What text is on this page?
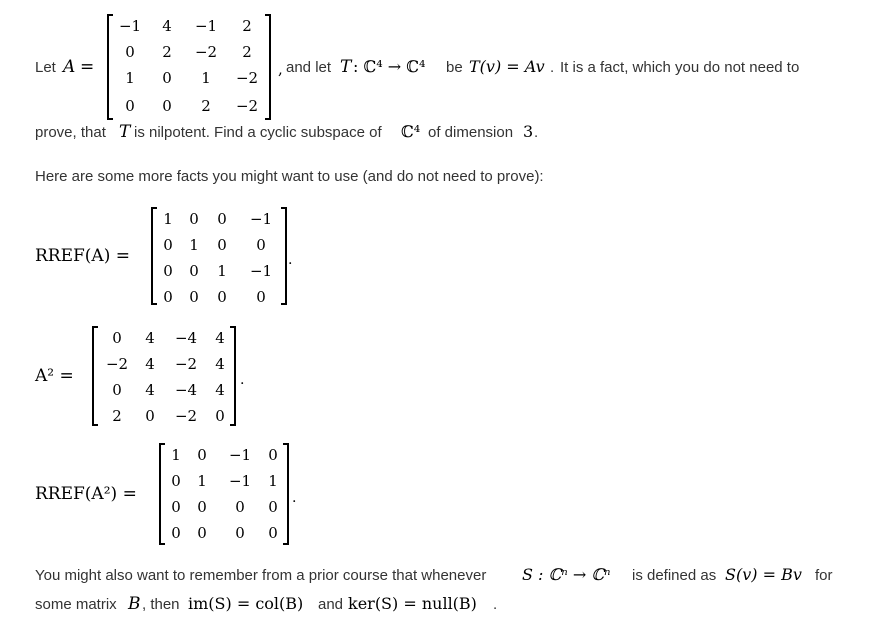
Let A =
−1	4	−1	2
0	2	−2	2
1	0	1	−2
0	0	2	−2
, and let T : ℂ⁴ → ℂ⁴ be T(v) = Av . It is a fact, which you do not need to
prove, that T is nilpotent. Find a cyclic subspace of ℂ⁴ of dimension 3 .
Here are some more facts you might want to use (and do not need to prove):
RREF(A) =
1	0	0	−1
0	1	0	0
0	0	1	−1
0	0	0	0
.
A² =
0	4	−4	4
−2	4	−2	4
0	4	−4	4
2	0	−2	0
.
RREF(A²) =
1	0	−1	0
0	1	−1	1
0	0	0	0
0	0	0	0
.
You might also want to remember from a prior course that whenever S : ℂⁿ → ℂⁿ is defined as S(v) = Bv for
some matrix B , then im(S) = col(B) and ker(S) = null(B) .
